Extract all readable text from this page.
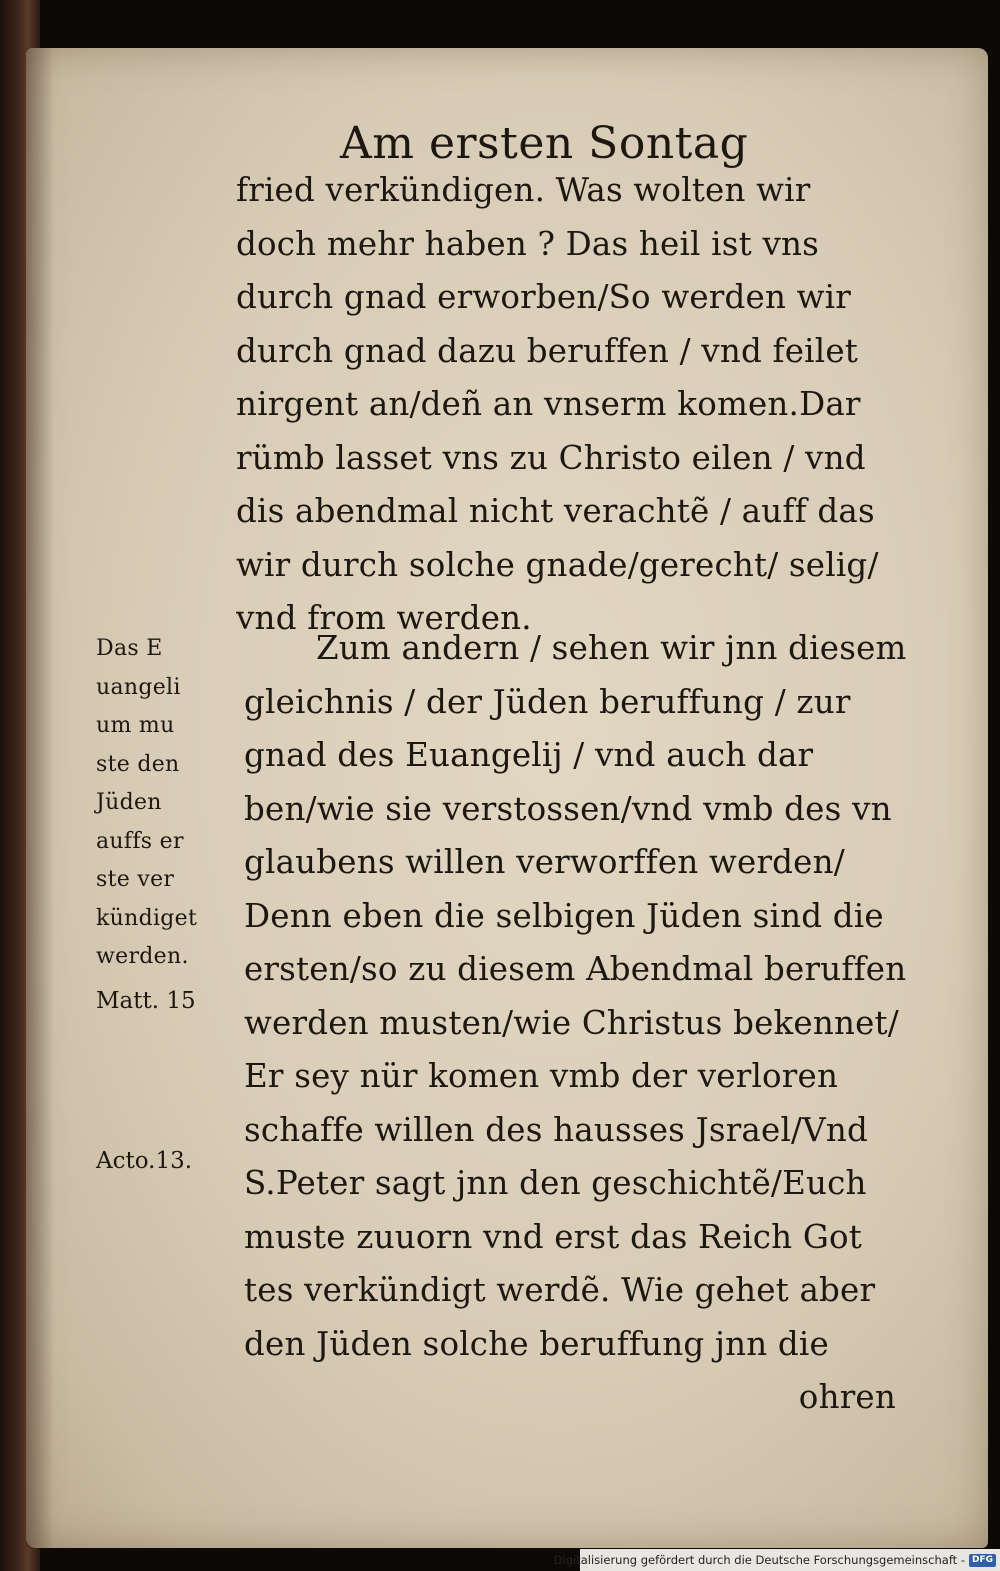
Am ersten Sontag
fried verkündigen. Was wolten wir
doch mehr haben ? Das heil ist vns
durch gnad erworben/So werden wir
durch gnad dazu beruffen / vnd feilet
nirgent an/deñ an vnserm komen.Dar
rümb lasset vns zu Christo eilen / vnd
dis abendmal nicht verachtẽ / auff das
wir durch solche gnade/gerecht/ selig/
vnd from werden.
Zum andern / sehen wir jnn diesem
gleichnis / der Jüden beruffung / zur
gnad des Euangelij / vnd auch dar
ben/wie sie verstossen/vnd vmb des vn
glaubens willen verworffen werden/
Denn eben die selbigen Jüden sind die
ersten/so zu diesem Abendmal beruffen
werden musten/wie Christus bekennet/
Er sey nür komen vmb der verloren
schaffe willen des hausses Jsrael/Vnd
S.Peter sagt jnn den geschichtẽ/Euch
muste zuuorn vnd erst das Reich Got
tes verkündigt werdẽ. Wie gehet aber
den Jüden solche beruffung jnn die
ohren
Das E
uangeli
um mu
ste den
Jüden
auffs er
ste ver
kündiget
werden.
Matt. 15
Acto.13.
Digitalisierung gefördert durch die Deutsche Forschungsgemeinschaft - DFG
